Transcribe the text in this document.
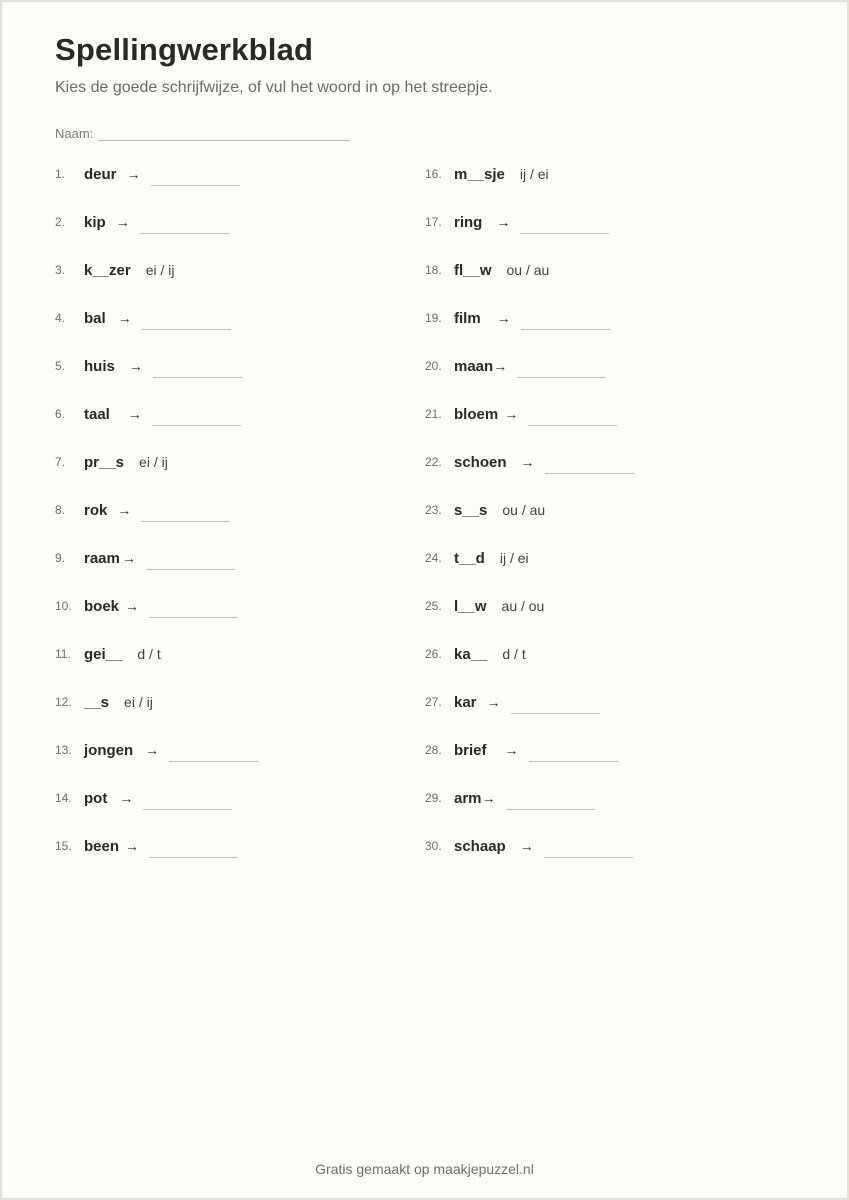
Spellingwerkblad
Kies de goede schrijfwijze, of vul het woord in op het streepje.
Naam:
1.	deur →
2.	kip →
3.	k__zer ei / ij
4.	bal →
5.	huis →
6.	taal →
7.	pr__s ei / ij
8.	rok →
9.	raam →
10. boek →
11. gei__ d / t
12. __s ei / ij
13. jongen →
14. pot →
15. been →
16. m__sje ij / ei
17. ring →
18. fl__w ou / au
19. film →
20. maan →
21. bloem →
22. schoen →
23. s__s ou / au
24. t__d ij / ei
25. l__w au / ou
26. ka__ d / t
27. kar →
28. brief →
29. arm →
30. schaap →
Gratis gemaakt op maakjepuzzel.nl
